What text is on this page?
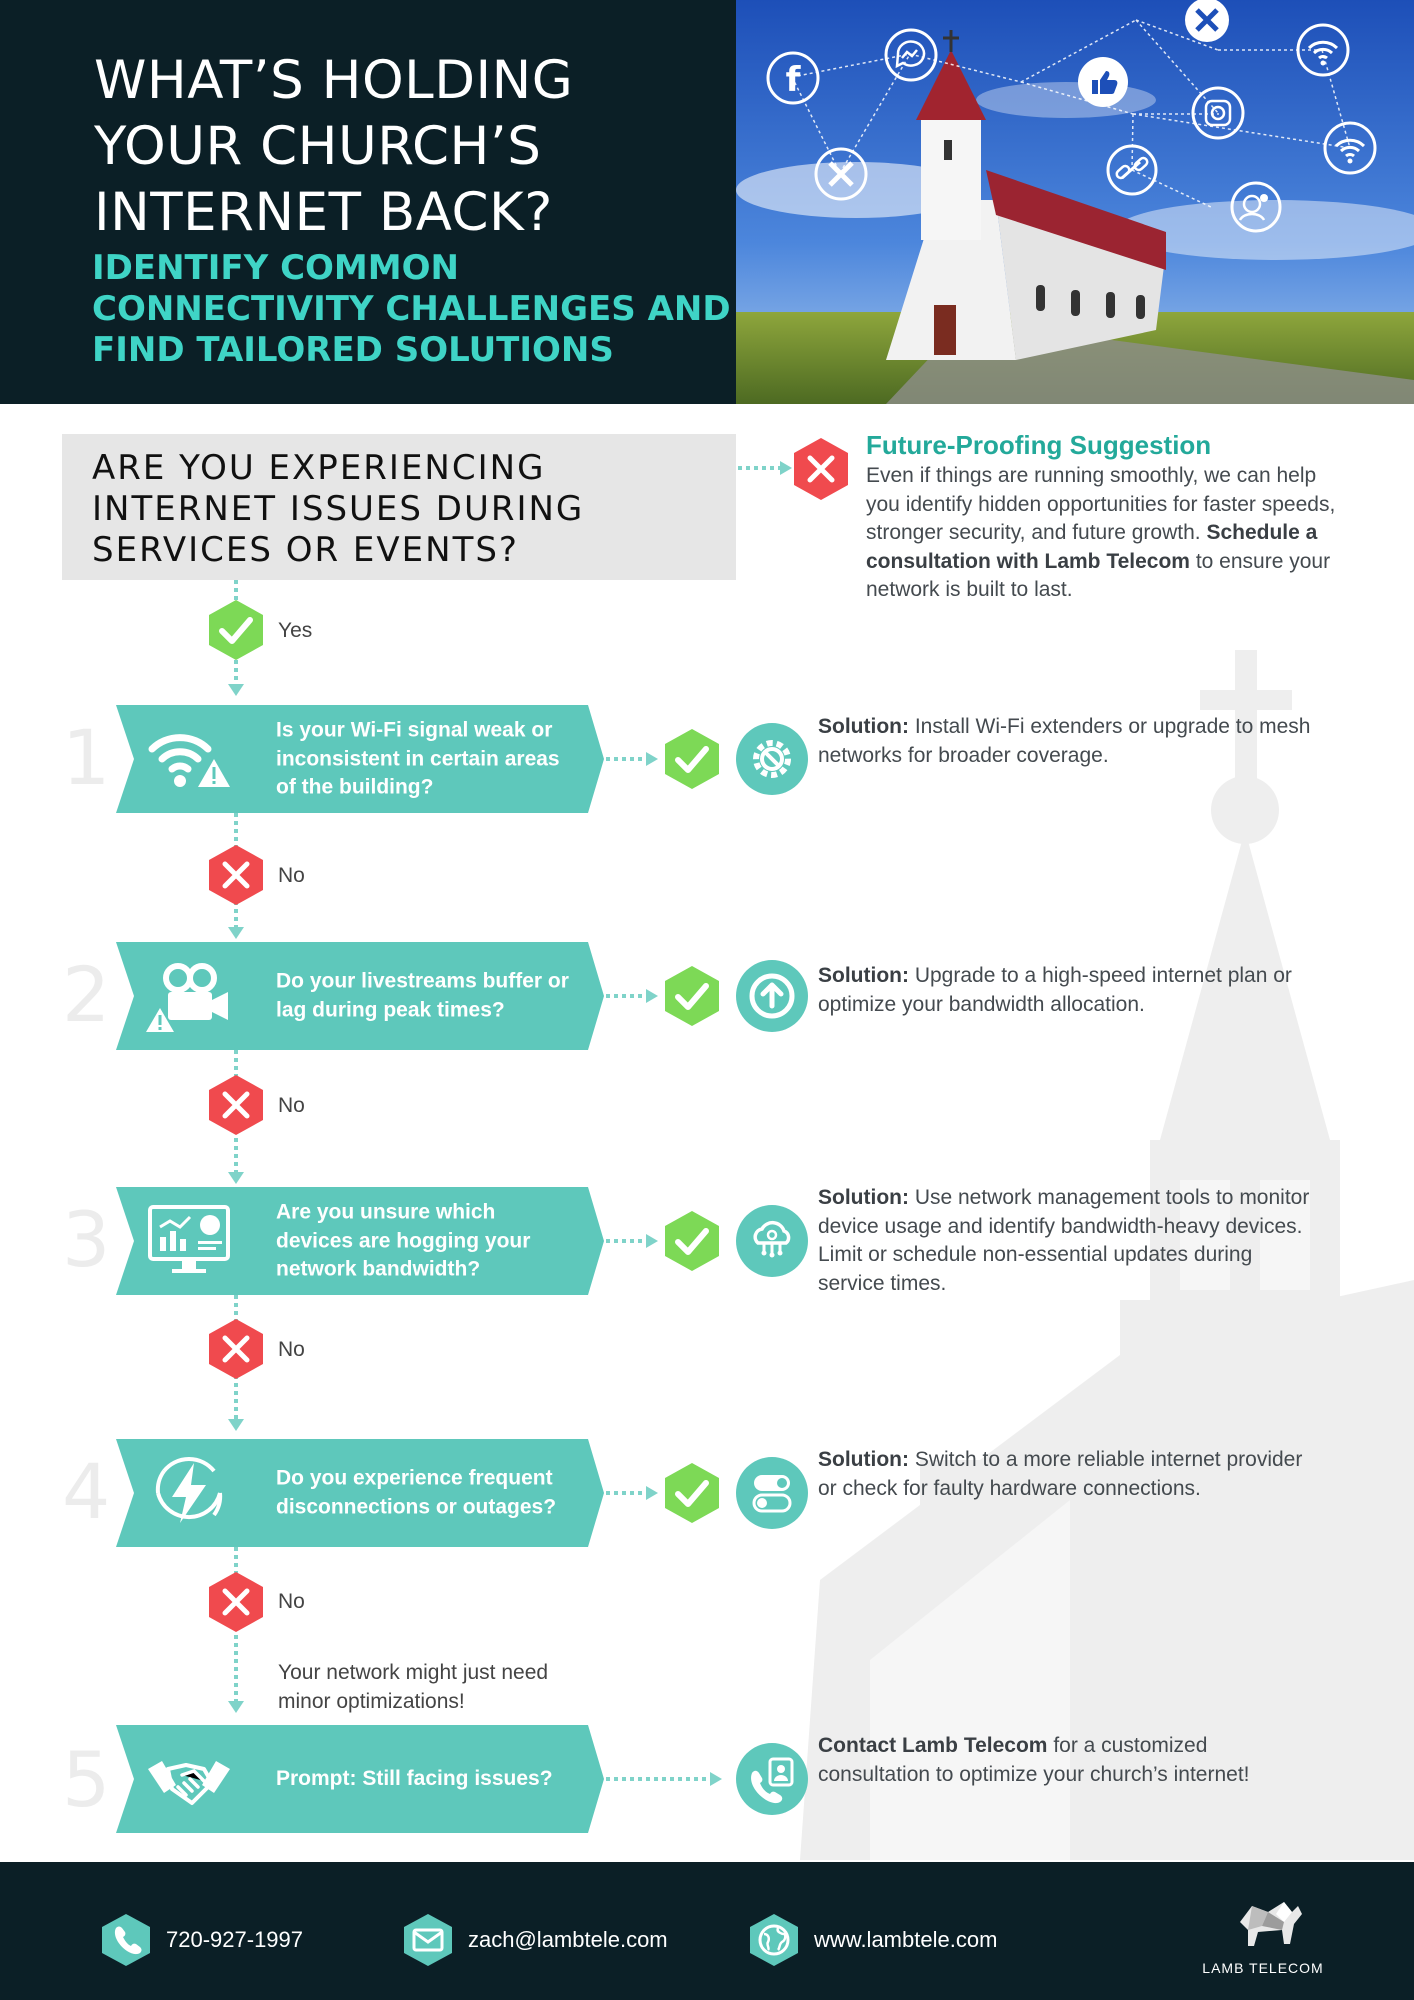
WHAT’S HOLDING YOUR CHURCH’S INTERNET BACK?
IDENTIFY COMMON CONNECTIVITY CHALLENGES AND FIND TAILORED SOLUTIONS
f
ARE YOU EXPERIENCING INTERNET ISSUES DURING SERVICES OR EVENTS?
Future-Proofing Suggestion
Even if things are running smoothly, we can help you identify hidden opportunities for faster speeds, stronger security, and future growth. Schedule a consultation with Lamb Telecom to ensure your network is built to last.
Yes
1	Is your Wi-Fi signal weak or inconsistent in certain areas of the building?
Solution: Install Wi-Fi extenders or upgrade to mesh networks for broader coverage.
No
2	Do your livestreams buffer or lag during peak times?
Solution: Upgrade to a high-speed internet plan or optimize your bandwidth allocation.
No
3	Are you unsure which devices are hogging your network bandwidth?
Solution: Use network management tools to monitor device usage and identify bandwidth-heavy devices. Limit or schedule non-essential updates during service times.
No
4	Do you experience frequent disconnections or outages?
Solution: Switch to a more reliable internet provider or check for faulty hardware connections.
No
Your network might just need minor optimizations!
5	Prompt: Still facing issues?
Contact Lamb Telecom for a customized consultation to optimize your church’s internet!
720-927-1997	zach@lambtele.com	www.lambtele.com
LAMB TELECOM
